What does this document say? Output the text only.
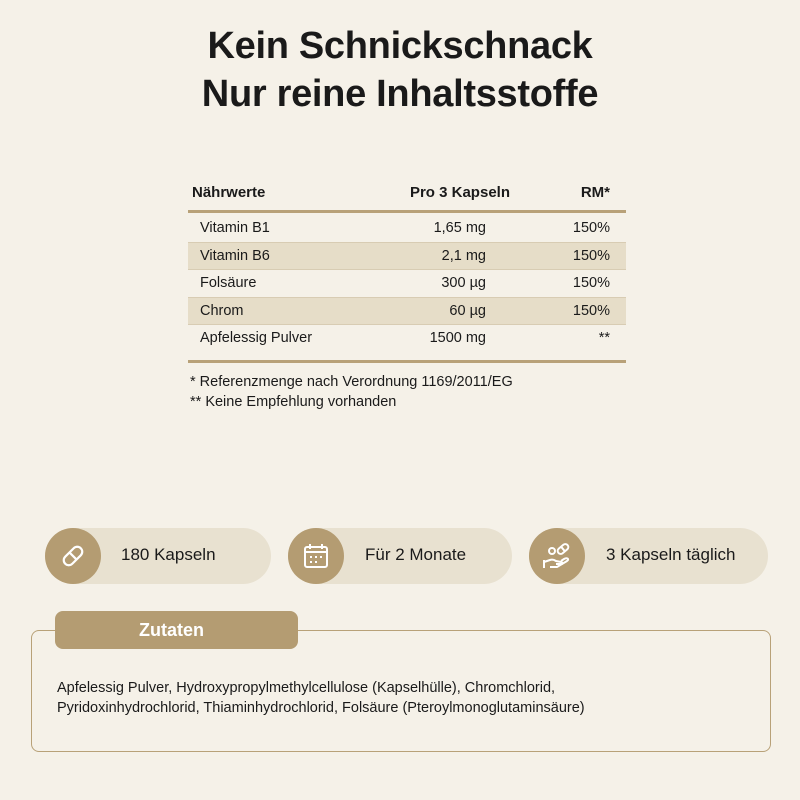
Kein Schnickschnack
Nur reine Inhaltsstoffe
Nährwerte	Pro 3 Kapseln	RM*
Vitamin B1	1,65 mg	150%
Vitamin B6	2,1 mg	150%
Folsäure	300 µg	150%
Chrom	60 µg	150%
Apfelessig Pulver	1500 mg	**
* Referenzmenge nach Verordnung 1169/2011/EG
** Keine Empfehlung vorhanden
180 Kapseln	Für 2 Monate	3 Kapseln täglich
Zutaten
Apfelessig Pulver, Hydroxypropylmethylcellulose (Kapselhülle), Chromchlorid,
Pyridoxinhydrochlorid, Thiaminhydrochlorid, Folsäure (Pteroylmonoglutaminsäure)
